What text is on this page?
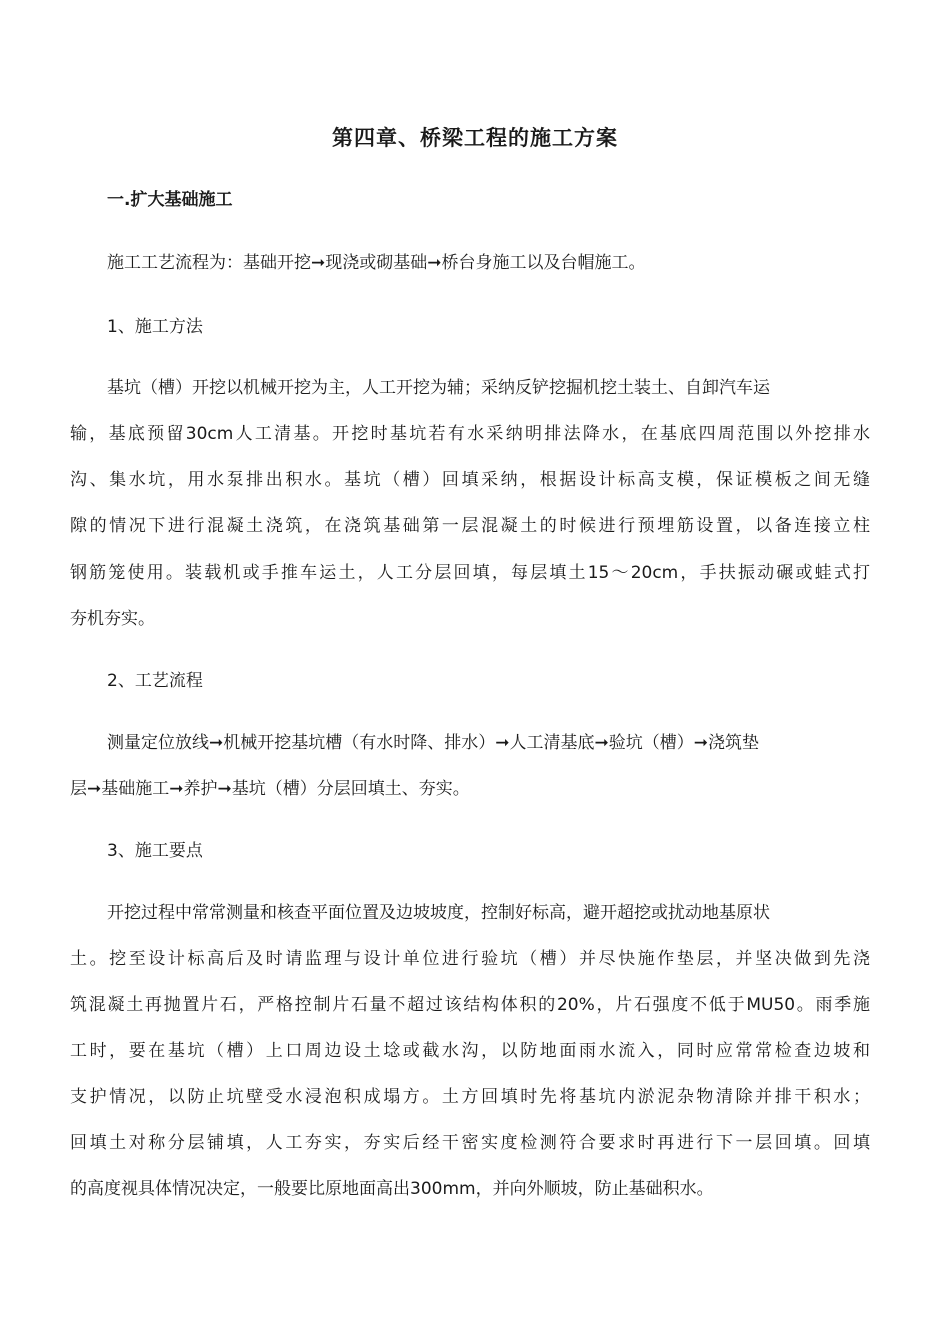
第四章、桥梁工程的施工方案
一.扩大基础施工

施工工艺流程为：基础开挖➞现浇或砌基础➞桥台身施工以及台帽施工。

1、施工方法

基坑（槽）开挖以机械开挖为主，人工开挖为辅；采纳反铲挖掘机挖土装土、自卸汽车运

输，基底预留30cm人工清基。开挖时基坑若有水采纳明排法降水，在基底四周范围以外挖排水

沟、集水坑，用水泵排出积水。基坑（槽）回填采纳，根据设计标高支模，保证模板之间无缝

隙的情况下进行混凝土浇筑，在浇筑基础第一层混凝土的时候进行预埋筋设置，以备连接立柱

钢筋笼使用。装载机或手推车运土，人工分层回填，每层填土15～20cm，手扶振动碾或蛙式打

夯机夯实。

2、工艺流程

测量定位放线➞机械开挖基坑槽（有水时降、排水）➞人工清基底➞验坑（槽）➞浇筑垫

层➞基础施工➞养护➞基坑（槽）分层回填土、夯实。

3、施工要点

开挖过程中常常测量和核查平面位置及边坡坡度，控制好标高，避开超挖或扰动地基原状

土。挖至设计标高后及时请监理与设计单位进行验坑（槽）并尽快施作垫层，并坚决做到先浇

筑混凝土再抛置片石，严格控制片石量不超过该结构体积的20%，片石强度不低于MU50。雨季施

工时，要在基坑（槽）上口周边设土埝或截水沟，以防地面雨水流入，同时应常常检查边坡和

支护情况，以防止坑壁受水浸泡积成塌方。土方回填时先将基坑内淤泥杂物清除并排干积水；

回填土对称分层铺填，人工夯实，夯实后经干密实度检测符合要求时再进行下一层回填。回填

的高度视具体情况决定，一般要比原地面高出300mm，并向外顺坡，防止基础积水。
